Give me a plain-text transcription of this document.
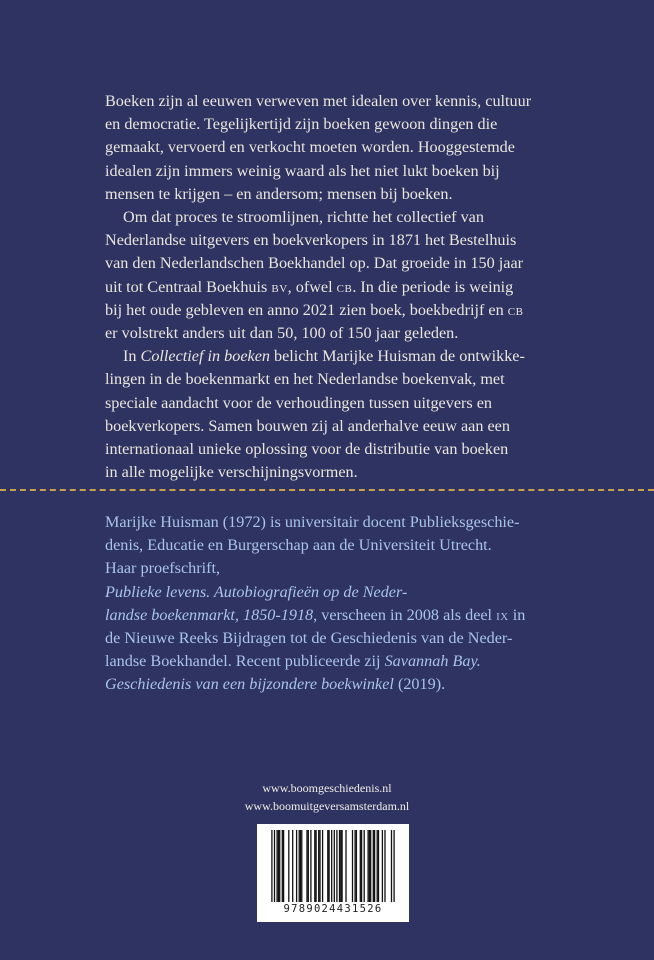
Boeken zijn al eeuwen verweven met idealen over kennis, cultuur
en democratie. Tegelijkertijd zijn boeken gewoon dingen die
gemaakt, vervoerd en verkocht moeten worden. Hooggestemde
idealen zijn immers weinig waard als het niet lukt boeken bij
mensen te krijgen – en andersom; mensen bij boeken.

Om dat proces te stroomlijnen, richtte het collectief van
Nederlandse uitgevers en boekverkopers in 1871 het Bestelhuis
van den Nederlandschen Boekhandel op. Dat groeide in 150 jaar
uit tot Centraal Boekhuis bv, ofwel cb. In die periode is weinig
bij het oude gebleven en anno 2021 zien boek, boekbedrijf en cb
er volstrekt anders uit dan 50, 100 of 150 jaar geleden.

In Collectief in boeken belicht Marijke Huisman de ontwikke-
lingen in de boekenmarkt en het Nederlandse boekenvak, met
speciale aandacht voor de verhoudingen tussen uitgevers en
boekverkopers. Samen bouwen zij al anderhalve eeuw aan een
internationaal unieke oplossing voor de distributie van boeken
in alle mogelijke verschijningsvormen.

Marijke Huisman (1972) is universitair docent Publieksgeschie-
denis, Educatie en Burgerschap aan de Universiteit Utrecht.
Haar proefschrift,
Publieke levens. Autobiografieën op de Neder-
landse boekenmarkt, 1850-1918, verscheen in 2008 als deel ix in
de Nieuwe Reeks Bijdragen tot de Geschiedenis van de Neder-
landse Boekhandel. Recent publiceerde zij Savannah Bay.
Geschiedenis van een bijzondere boekwinkel (2019).

www.boomgeschiedenis.nl
www.boomuitgeversamsterdam.nl
9789024431526
